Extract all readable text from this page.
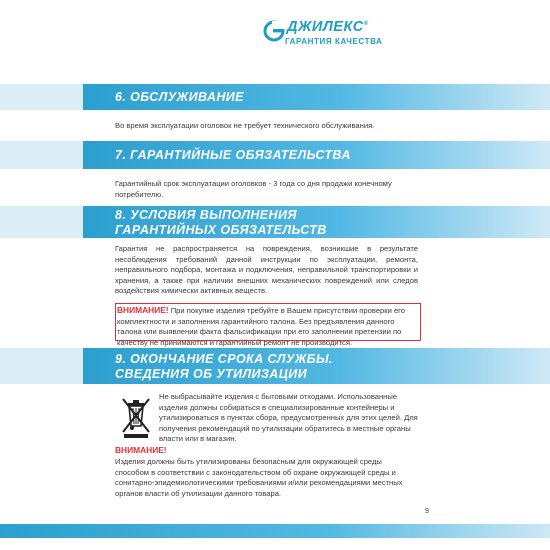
ДЖИЛЕКС®
ГАРАНТИЯ КАЧЕСТВА
6. ОБСЛУЖИВАНИЕ
Во время эксплуатации оголовок не требует технического обслуживания.
7. ГАРАНТИЙНЫЕ ОБЯЗАТЕЛЬСТВА
Гарантийный срок эксплуатации оголовков - 3 года со дня продажи конечному потребителю.
8. УСЛОВИЯ ВЫПОЛНЕНИЯ
ГАРАНТИЙНЫХ ОБЯЗАТЕЛЬСТВ
Гарантия не распространяется на повреждения, возникшие в результате несоблюдения требований данной инструкции по эксплуатации, ремонта, неправильного подбора, монтажа и подключения, неправильной транспортировки и хранения, а также при наличии внешних механических повреждений или следов воздействия химически активных веществ.
ВНИМАНИЕ! При покупке изделия требуйте в Вашем присутствии проверки его комплектности и заполнения гарантийного талона. Без предъявления данного талона или выявлении факта фальсификации при его заполнении претензии по качеству не принимаются и гарантийный ремонт не производится.
9. ОКОНЧАНИЕ СРОКА СЛУЖБЫ.
СВЕДЕНИЯ ОБ УТИЛИЗАЦИИ
Не выбрасывайте изделия с бытовыми отходами. Использованные изделия должны собираться в специализированные контейнеры и утилизироваться в пунктах сбора, предусмотренных для этих целей. Для получения рекомендаций по утилизации обратитесь в местные органы власти или в магазин.
ВНИМАНИЕ!
Изделия должны быть утилизированы безопасным для окружающей среды способом в соответствии с законодательством об охране окружающей среды и сонитарно-эпидемиологическими требованиями и/или рекомендациями местных органов власти об утилизации данного товара.
9
